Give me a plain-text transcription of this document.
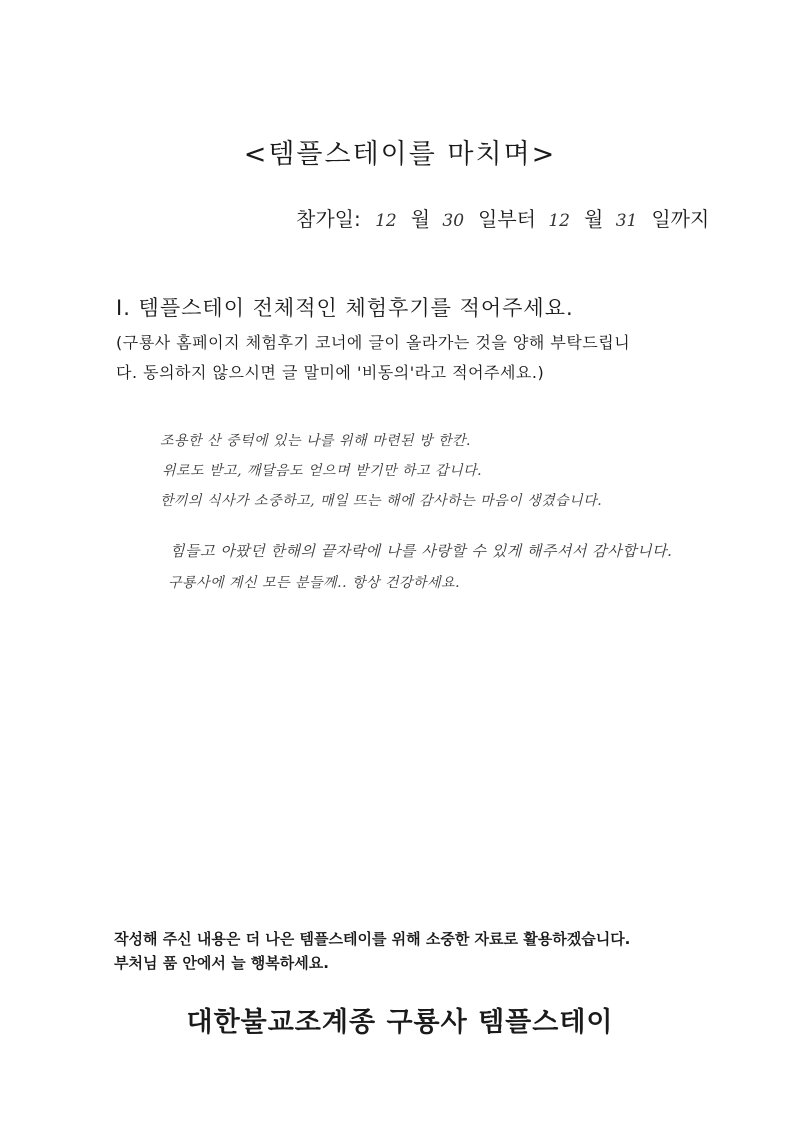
<템플스테이를 마치며>
참가일: 12 월 30 일부터 12 월 31 일까지
I. 템플스테이 전체적인 체험후기를 적어주세요.
(구룡사 홈페이지 체험후기 코너에 글이 올라가는 것을 양해 부탁드립니
다. 동의하지 않으시면 글 말미에 '비동의'라고 적어주세요.)
조용한 산 중턱에 있는 나를 위해 마련된 방 한칸.
위로도 받고, 깨달음도 얻으며 받기만 하고 갑니다.
한끼의 식사가 소중하고, 매일 뜨는 해에 감사하는 마음이 생겼습니다.
힘들고 아팠던 한해의 끝자락에 나를 사랑할 수 있게 해주셔서 감사합니다.
구룡사에 계신 모든 분들께.. 항상 건강하세요.
작성해 주신 내용은 더 나은 템플스테이를 위해 소중한 자료로 활용하겠습니다.
부처님 품 안에서 늘 행복하세요.
대한불교조계종 구룡사 템플스테이
